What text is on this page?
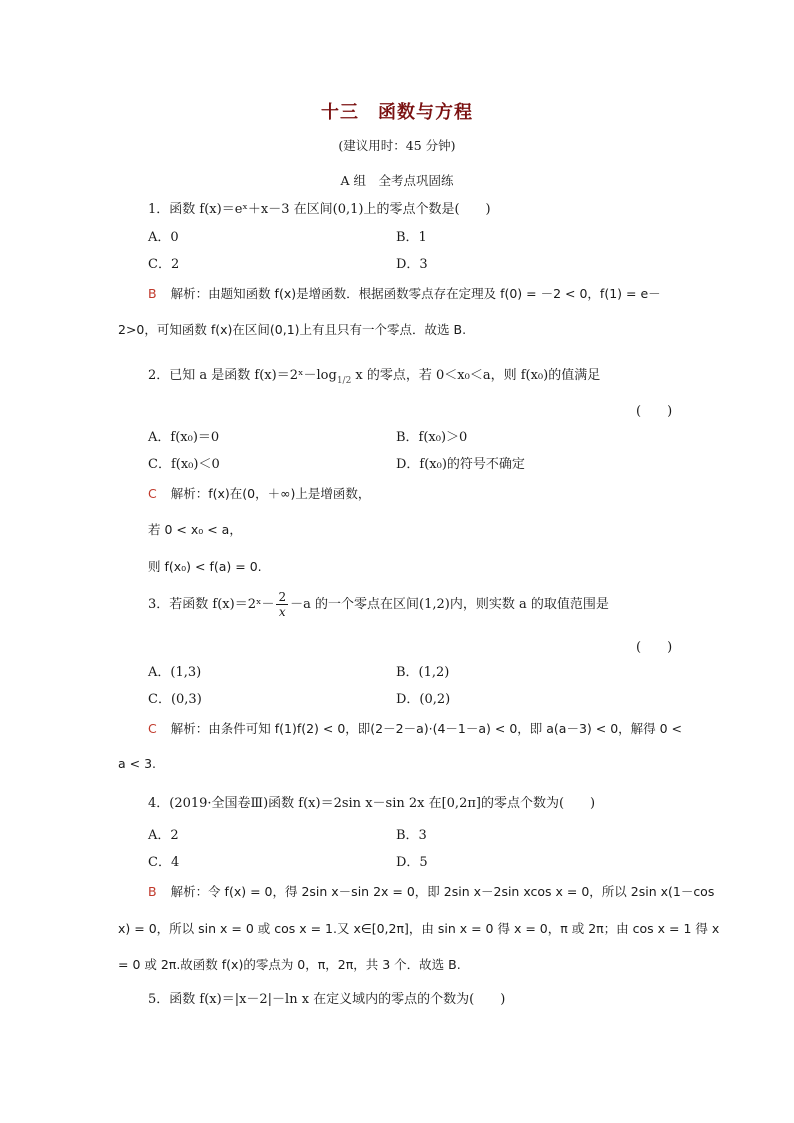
十三　函数与方程
(建议用时：45 分钟)
A 组　全考点巩固练
1．函数 f(x)＝eˣ＋x－3 在区间(0,1)上的零点个数是(　　)
A．0	B．1
C．2	D．3
B 解析：由题知函数 f(x)是增函数．根据函数零点存在定理及 f(0) = －2 < 0，f(1) = e－
2>0，可知函数 f(x)在区间(0,1)上有且只有一个零点．故选 B.
2．已知 a 是函数 $f(x)=2ˣ-\log_{1/2}$ x 的零点，若 0＜x₀＜a，则 f(x₀)的值满足
(　　)
A．f(x₀)＝0	B．f(x₀)＞0
C．f(x₀)＜0	D．f(x₀)的符号不确定
C 解析：f(x)在(0，＋∞)上是增函数，
若 0 < x₀ < a，
则 f(x₀) < f(a) = 0.
3．若函数 f(x)＝2ˣ－ $\frac{2}{x} -a$ 的一个零点在区间(1,2)内，则实数 a 的取值范围是
(　　)
A．(1,3)	B．(1,2)
C．(0,3)	D．(0,2)
C 解析：由条件可知 f(1)f(2) < 0，即(2－2－a)·(4－1－a) < 0，即 a(a－3) < 0，解得 0 <
a < 3.
4．(2019·全国卷Ⅲ)函数 f(x)＝2sin x－sin 2x 在[0,2π]的零点个数为(　　)
A．2	B．3
C．4	D．5
B 解析：令 f(x) = 0，得 2sin x－sin 2x = 0，即 2sin x－2sin xcos x = 0，所以 2sin x(1－cos
x) = 0，所以 sin x = 0 或 cos x = 1.又 x∈[0,2π]，由 sin x = 0 得 x = 0，π 或 2π；由 cos x = 1 得 x
= 0 或 2π.故函数 f(x)的零点为 0，π，2π，共 3 个．故选 B.
5．函数 f(x)＝|x－2|－ln x 在定义域内的零点的个数为(　　)
